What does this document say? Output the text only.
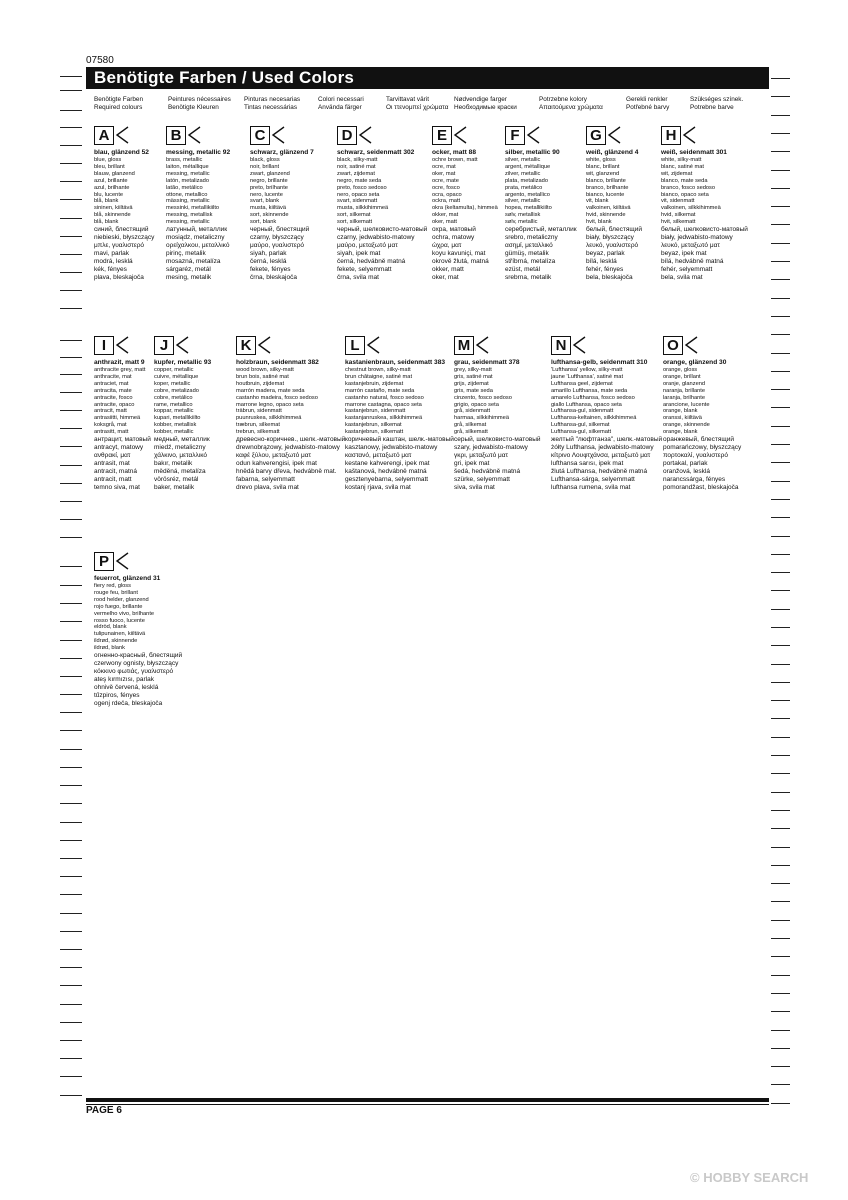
07580
Benötigte Farben / Used Colors
Benötigte Farben
Required colours
Peintures nécessaires
Benötigte Kleuren
Pinturas necesarias
Tintas necessárias
Colori necessari
Använda färger
Tarvittavat värit
Οι ττενομπεί χρώματα
Nødvendige farger
Необходимые краски
Potrzebne kolory
Απαιτούμενα χρώματα
Gerekli renkler
Potřebné barvy
Szükséges színek.
Potrebne barve
A
blau, glänzend 52
blue, gloss
bleu, brillant
blauw, glanzend
azul, brillante
azul, brilhante
blu, lucente
blå, blank
sininen, kiiltävä
blå, skinnende
blå, blank
синий, блестящий
niebieski, błyszczący
μπλε, γυαλιστερό
mavi, parlak
modrá, lesklá
kék, fényes
plava, bleskajoča
B
messing, metallic 92
brass, metallic
laiton, métallique
messing, metallic
latón, metalizado
latão, metálico
ottone, metallico
mässing, metallic
messinki, metallikiiltо
messing, metallisk
messing, metallic
латунный, металлик
mosiądz, metaliczny
ορείχαλκου, μεταλλικό
pirinç, metalik
mosazná, metalíza
sárgaréz, metál
mesing, metalik
C
schwarz, glänzend 7
black, gloss
noir, brillant
zwart, glanzend
negro, brillante
preto, brilhante
nero, lucente
svart, blank
musta, kiiltävä
sort, skinnende
sort, blank
черный, блестящий
czarny, błyszczący
μαύρο, γυαλιστερό
siyah, parlak
černá, lesklá
fekete, fényes
črna, bleskajoča
D
schwarz, seidenmatt 302
black, silky-matt
noir, satiné mat
zwart, zijdemat
negro, mate seda
preto, fosco sedoso
nero, opaco seta
svart, sidenmatt
musta, silkkihimmeä
sort, silkemat
sort, silkematt
черный, шелковисто-матовый
czarny, jedwabisto-matowy
μαύρο, μεταξωτό ματ
siyah, ipek mat
černá, hedvábně matná
fekete, selyemmatt
črna, svila mat
E
ocker, matt 88
ochre brown, matt
ocre, mat
oker, mat
ocre, mate
ocre, fosco
ocra, opaco
ockra, matt
okra (keltamulta), himmeä
okker, mat
oker, matt
охра, матовый
ochra, matowy
ώχρα, ματ
koyu kavuniçi, mat
okrově žlutá, matná
okker, matt
oker, mat
F
silber, metallic 90
silver, metallic
argent, métallique
zilver, metallic
plata, metalizado
prata, metálico
argento, metallico
silver, metallic
hopea, metallikiilto
sølv, metallisk
sølv, metallic
серебристый, металлик
srebro, metaliczny
ασημί, μεταλλικό
gümüş, metalik
stříbrná, metalíza
ezüst, metál
srebrna, metalik
G
weiß, glänzend 4
white, gloss
blanc, brillant
wit, glanzend
blanco, brillante
branco, brilhante
bianco, lucente
vit, blank
valkoinen, kiiltävä
hvid, skinnende
hvit, blank
белый, блестящий
biały, błyszczący
λευκό, γυαλιστερό
beyaz, parlak
bílá, lesklá
fehér, fényes
bela, bleskajoča
H
weiß, seidenmatt 301
white, silky-matt
blanc, satiné mat
wit, zijdemat
blanco, mate seda
branco, fosco sedoso
bianco, opaco seta
vit, sidenmatt
valkoinen, silkkihimmeä
hvid, silkemat
hvit, silkematt
белый, шелковисто-матовый
biały, jedwabisto-matowy
λευκό, μεταξωτό ματ
beyaz, ipek mat
bílá, hedvábně matná
fehér, selyemmatt
bela, svila mat
I
anthrazit, matt 9
anthracite grey, matt
anthracite, mat
antraciet, mat
antracita, mate
antracite, fosco
antracite, opaco
antracit, matt
antrasiitti, himmeä
koksgrå, mat
antrasitt, matt
антрацит, матовый
antracyt, matowy
ανθρακί, ματ
antrasit, mat
antracit, matná
antracit, matt
temno siva, mat
J
kupfer, metallic 93
copper, metallic
cuivre, métallique
koper, metallic
cobre, metalizado
cobre, metálico
rame, metallico
koppar, metallic
kupari, metallikiilto
kobber, metallisk
kobber, metallic
медный, металлик
miedź, metaliczny
χάλκινο, μεταλλικό
bakır, metalik
měděná, metalíza
vörösréz, metál
baker, metalik
K
holzbraun, seidenmatt 382
wood brown, silky-matt
brun bois, satiné mat
houtbruin, zijdemat
marrón madera, mate seda
castanho madeira, fosco sedoso
marrone legno, opaco seta
träbrun, sidenmatt
puunruskea, silkkihimmeä
træbrun, silkemat
trebrun, silkematt
древесно-коричнев., шелк.-матовый
drewnobrązowy, jedwabisto-matowy
καφέ ξύλου, μεταξωτό ματ
odun kahverengisi, ipek mat
hnědá barvy dřeva, hedvábně mat.
fabarna, selyemmatt
drevo plava, svila mat
L
kastanienbraun, seidenmatt 383
chestnut brown, silky-matt
brun châtaigne, satiné mat
kastanjebruin, zijdemat
marrón castaño, mate seda
castanho natural, fosco sedoso
marrone castagna, opaco seta
kastanjebrun, sidenmatt
kastanjanruskea, silkkihimmeä
kastanjebrun, silkemat
kastanjebrun, silkematt
коричневый каштан, шелк.-матовый
kasztanowy, jedwabisto-matowy
καστανό, μεταξωτό ματ
kestane kahverengi, ipek mat
kaštanová, hedvábně matná
gesztenyebarna, selyemmatt
kostanj rjava, svila mat
M
grau, seidenmatt 378
grey, silky-matt
gris, satiné mat
grijs, zijdemat
gris, mate seda
cinzento, fosco sedoso
grigio, opaco seta
grå, sidenmatt
harmaa, silkkihimmeä
grå, silkemat
grå, silkematt
серый, шелковисто-матовый
szary, jedwabisto-matowy
γκρι, μεταξωτό ματ
gri, ipek mat
šedá, hedvábně matná
szürke, selyemmatt
siva, svila mat
N
lufthansa-gelb, seidenmatt 310
'Lufthansa' yellow, silky-matt
jaune 'Lufthansa', satiné mat
Lufthansa geel, zijdemat
amarillo Lufthansa, mate seda
amarelo Lufthansa, fosco sedoso
giallo Lufthansa, opaco seta
Lufthansa-gul, sidenmatt
Lufthansa-keltainen, silkkihimmeä
Lufthansa-gul, silkemat
Lufthansa-gul, silkematt
желтый "люфтганза", шелк.-матовый
żółty Lufthansa, jedwabisto-matowy
κίτρινο Λουφτχάνσα, μεταξωτό ματ
lufthansa sarısı, ipek mat
žlutá Lufthansa, hedvábně matná
Lufthansa-sárga, selyemmatt
lufthansa rumena, svila mat
O
orange, glänzend 30
orange, gloss
orange, brillant
oranje, glanzend
naranja, brillante
laranja, brilhante
arancione, lucente
orange, blank
oranssi, kiiltävä
orange, skinnende
orange, blank
оранжевый, блестящий
pomarańczowy, błyszczący
πορτοκαλί, γυαλιστερό
portakal, parlak
oranžová, lesklá
narancssárga, fényes
pomorandžast, bleskajoča
P
feuerrot, glänzend 31
fiery red, gloss
rouge feu, brillant
rood helder, glanzend
rojo fuego, brillante
vermelho vivo, brilhante
rosso fuoco, lucente
eldröd, blank
tulipunainen, kiiltävä
ildrød, skinnende
ildrød, blank
огненно-красный, блестящий
czerwony ognisty, błyszczący
κόκκινο φωτιάς, γυαλιστερό
ateş kırmızısı, parlak
ohnivě červená, lesklá
tűzpiros, fényes
ogenj rdeča, bleskajoča
PAGE 6
© HOBBY SEARCH
